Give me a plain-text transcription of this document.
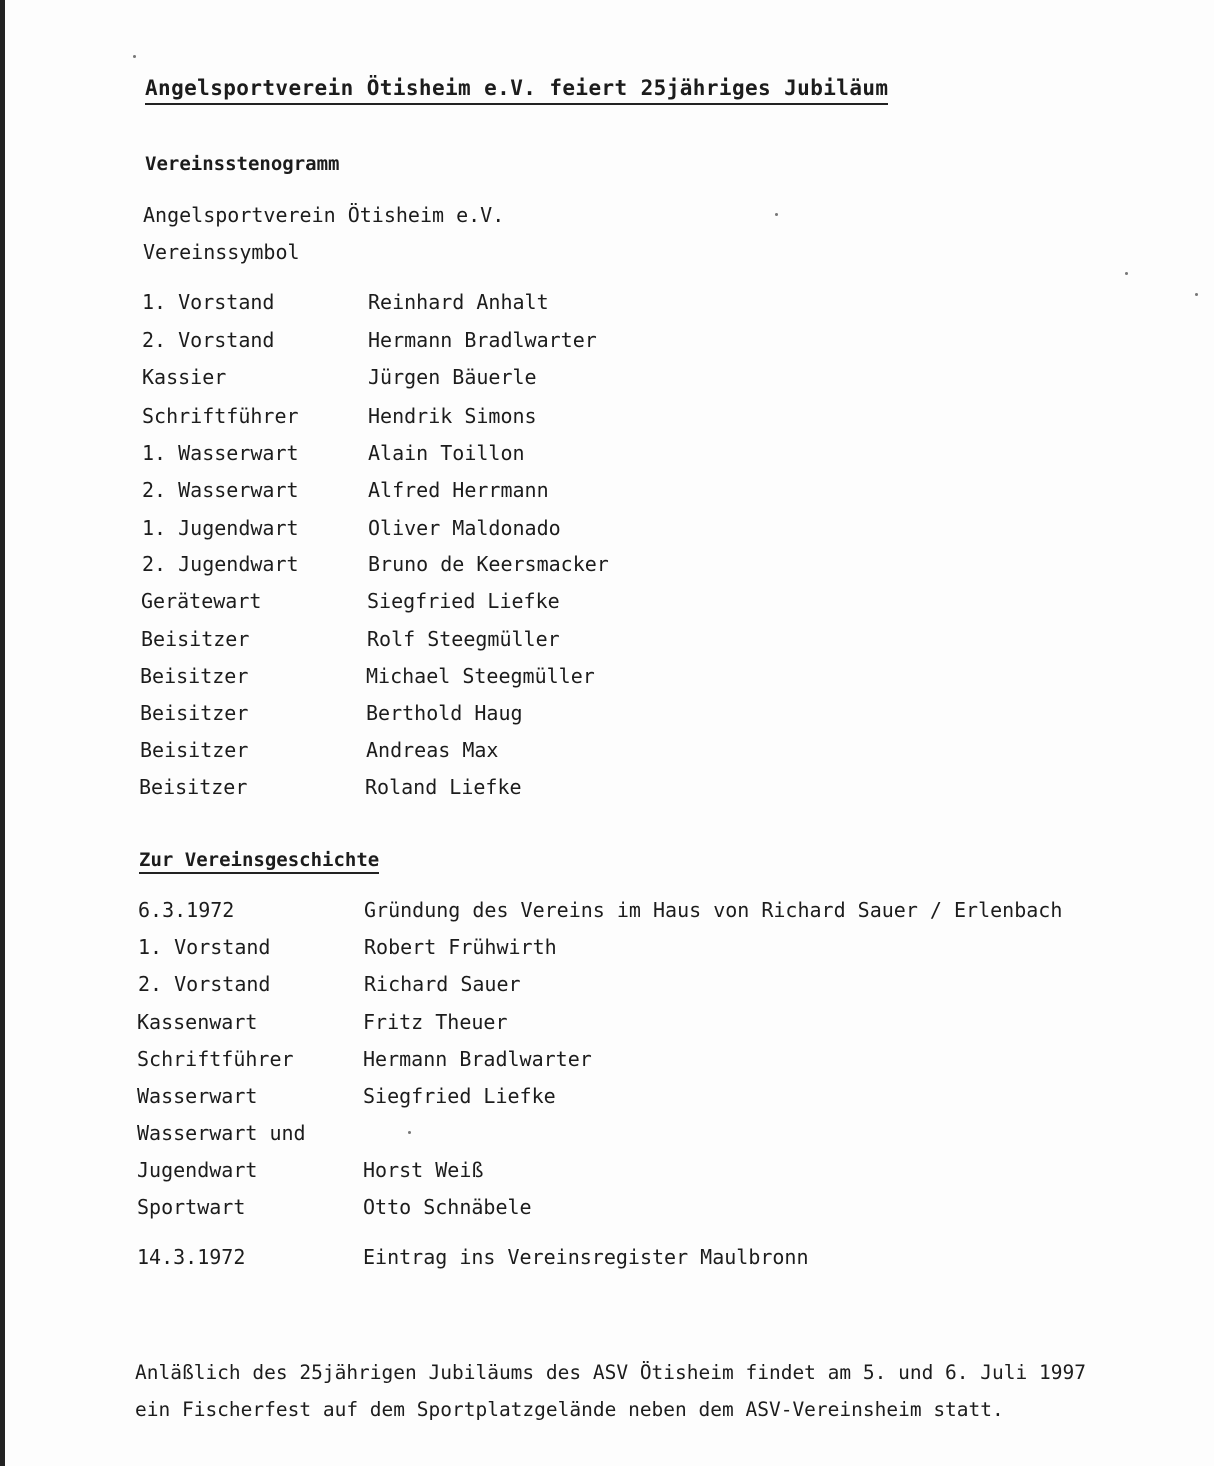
Angelsportverein Ötisheim e.V. feiert 25jähriges Jubiläum
Vereinsstenogramm
Angelsportverein Ötisheim e.V.
Vereinssymbol
1. Vorstand	Reinhard Anhalt
2. Vorstand	Hermann Bradlwarter
Kassier	Jürgen Bäuerle
Schriftführer	Hendrik Simons
1. Wasserwart	Alain Toillon
2. Wasserwart	Alfred Herrmann
1. Jugendwart	Oliver Maldonado
2. Jugendwart	Bruno de Keersmacker
Gerätewart	Siegfried Liefke
Beisitzer	Rolf Steegmüller
Beisitzer	Michael Steegmüller
Beisitzer	Berthold Haug
Beisitzer	Andreas Max
Beisitzer	Roland Liefke
Zur Vereinsgeschichte
6.3.1972	Gründung des Vereins im Haus von Richard Sauer / Erlenbach
1. Vorstand	Robert Frühwirth
2. Vorstand	Richard Sauer
Kassenwart	Fritz Theuer
Schriftführer	Hermann Bradlwarter
Wasserwart	Siegfried Liefke
Wasserwart und
Jugendwart	Horst Weiß
Sportwart	Otto Schnäbele
14.3.1972	Eintrag ins Vereinsregister Maulbronn
Anläßlich des 25jährigen Jubiläums des ASV Ötisheim findet am 5. und 6. Juli 1997
ein Fischerfest auf dem Sportplatzgelände neben dem ASV-Vereinsheim statt.
